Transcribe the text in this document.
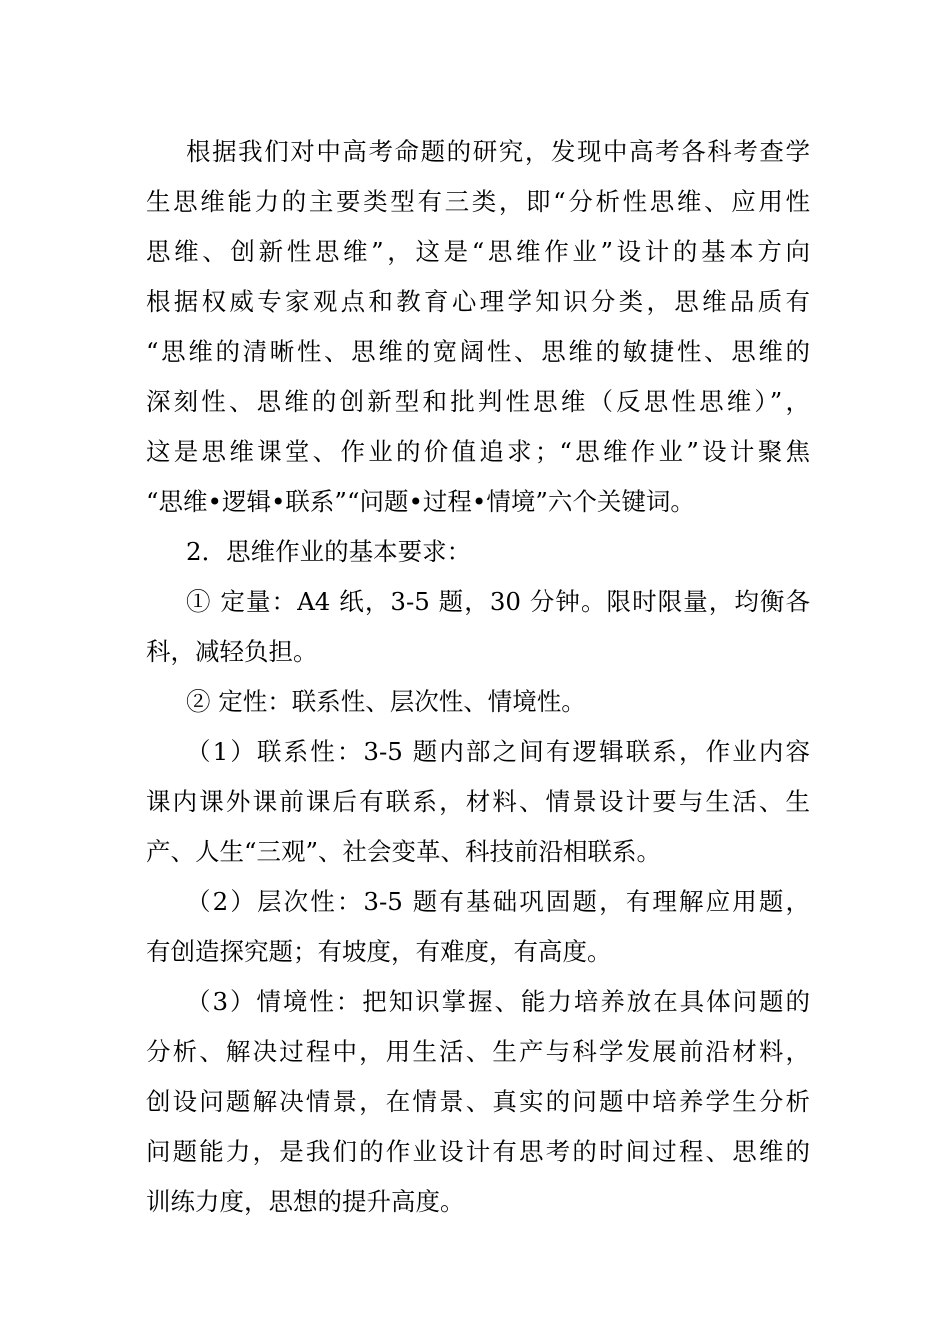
根据我们对中高考命题的研究，发现中高考各科考查学
生思维能力的主要类型有三类，即“分析性思维、应用性
思维、创新性思维”，这是“思维作业”设计的基本方向
根据权威专家观点和教育心理学知识分类，思维品质有
“思维的清晰性、思维的宽阔性、思维的敏捷性、思维的
深刻性、思维的创新型和批判性思维（反思性思维）”，
这是思维课堂、作业的价值追求；“思维作业”设计聚焦
“思维•逻辑•联系”“问题•过程•情境”六个关键词。
2．思维作业的基本要求：
① 定量：A4 纸，3-5 题，30 分钟。限时限量，均衡各
科，减轻负担。
② 定性：联系性、层次性、情境性。
（1）联系性：3-5 题内部之间有逻辑联系，作业内容
课内课外课前课后有联系，材料、情景设计要与生活、生
产、人生“三观”、社会变革、科技前沿相联系。
（2）层次性：3-5 题有基础巩固题，有理解应用题，
有创造探究题；有坡度，有难度，有高度。
（3）情境性：把知识掌握、能力培养放在具体问题的
分析、解决过程中，用生活、生产与科学发展前沿材料，
创设问题解决情景，在情景、真实的问题中培养学生分析
问题能力，是我们的作业设计有思考的时间过程、思维的
训练力度，思想的提升高度。
